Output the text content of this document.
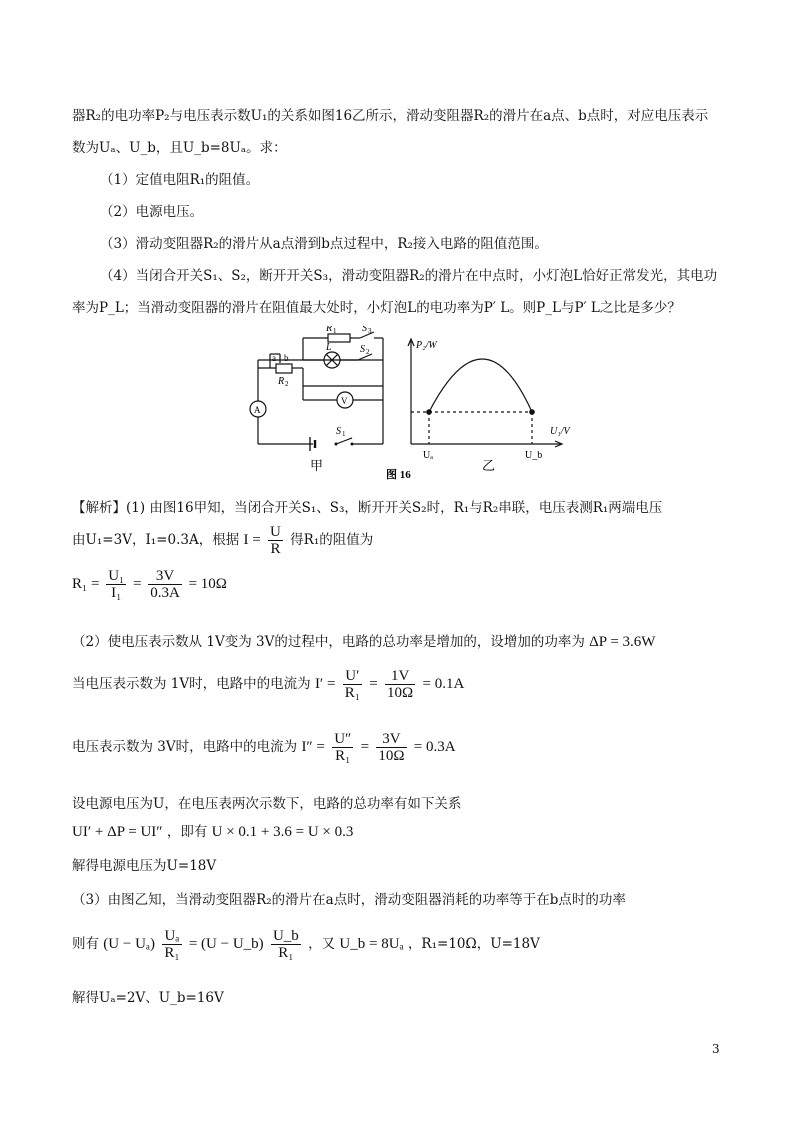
器R₂的电功率P₂与电压表示数U₁的关系如图16乙所示，滑动变阻器R₂的滑片在a点、b点时，对应电压表示
数为Uₐ、U_b，且U_b=8Uₐ。求：
（1）定值电阻R₁的阻值。
（2）电源电压。
（3）滑动变阻器R₂的滑片从a点滑到b点过程中，R₂接入电路的阻值范围。
（4）当闭合开关S₁、S₂，断开开关S₃，滑动变阻器R₂的滑片在中点时，小灯泡L恰好正常发光，其电功
率为P_L；当滑动变阻器的滑片在阻值最大处时，小灯泡L的电功率为P′ L。则P_L与P′ L之比是多少？
R 1	S 3
L	S 2
a b
R 2
A
V
S 1
甲
P₂/W
U₁/V
Uₐ	U_b
乙
图 16
【解析】(1) 由图16甲知，当闭合开关S₁、S₃，断开开关S₂时，R₁与R₂串联，电压表测R₁两端电压
由U₁=3V，I₁=0.3A，根据 $I = \frac{U}{R}$ 得R₁的阻值为
$R_1 = \frac{\text{U₁}}{\text{I₁}} = \frac{3V}{0.3A} = 10\Omega$
（2）使电压表示数从 1V变为 3V的过程中，电路的总功率是增加的，设增加的功率为 ΔP = 3.6W
当电压表示数为 1V时，电路中的电流为 $I' = \frac{U'}{\text{R₁}} = \frac{1V}{10\Omega} = 0.1A$
电压表示数为 3V时，电路中的电流为 $I'' = \frac{U''}{\text{R₁}} = \frac{3V}{10\Omega} = 0.3A$
设电源电压为U，在电压表两次示数下，电路的总功率有如下关系
UI′ + ΔP = UI″ ，即有 U × 0.1 + 3.6 = U × 0.3
解得电源电压为U=18V
（3）由图乙知，当滑动变阻器R₂的滑片在a点时，滑动变阻器消耗的功率等于在b点时的功率
则有 $(U - U_a) \frac{\text{Uₐ}}{\text{R₁}} = (U$ − U_b) $\frac{U\_b}{\text{R₁}}$ ，又 U_b = 8Uₐ ，R₁=10Ω，U=18V
解得Uₐ=2V、U_b=16V
3
